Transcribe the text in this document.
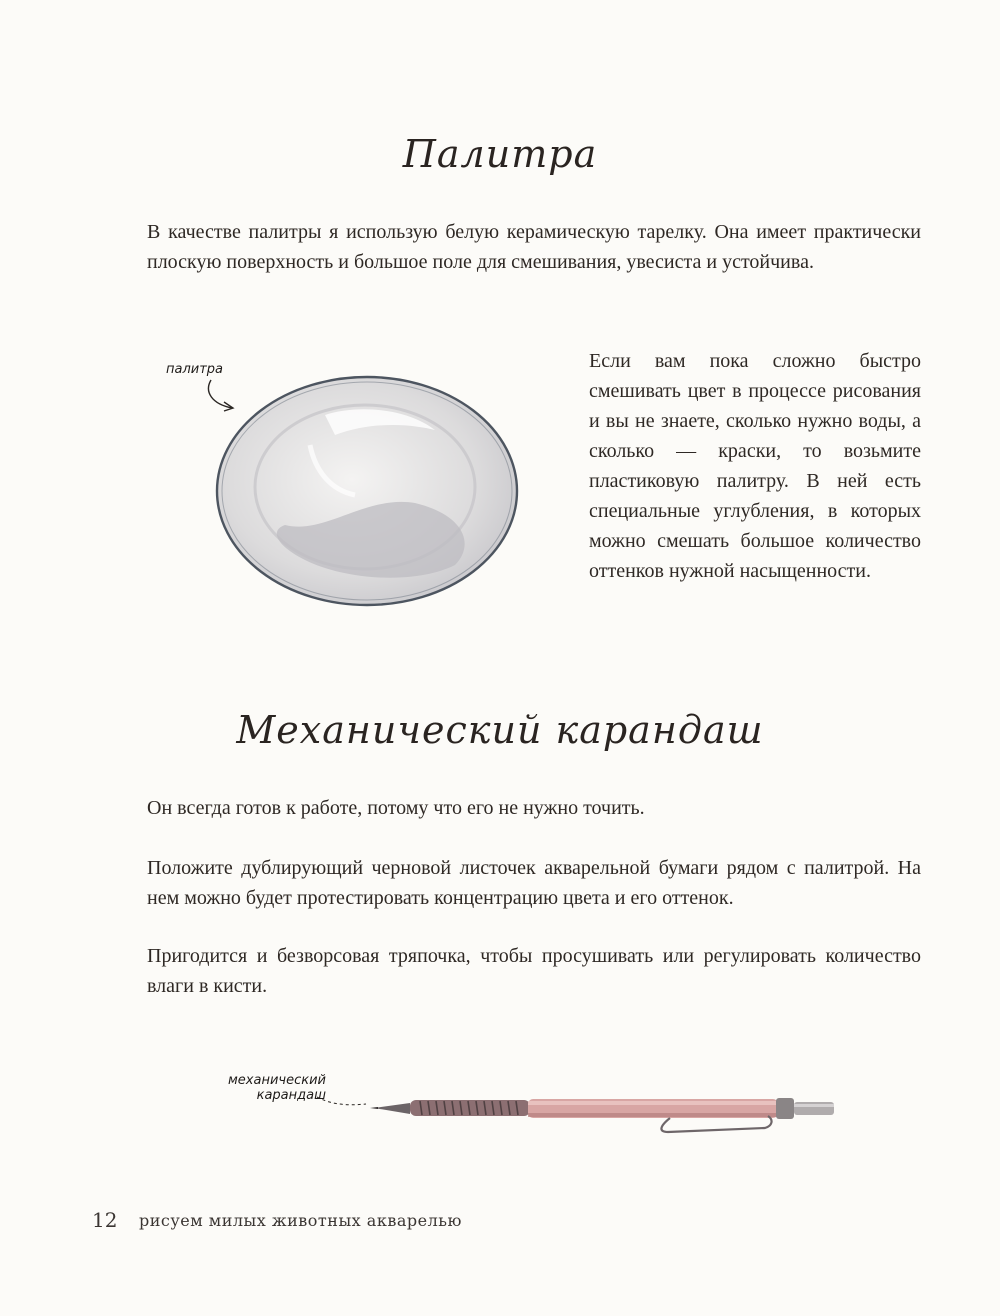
Палитра

В качестве палитры я использую белую керамическую тарелку. Она имеет практически плоскую поверхность и большое поле для смешивания, увесиста и устойчива.

палитра	Если вам пока сложно быстро смешивать цвет в процессе рисования и вы не знаете, сколько нужно воды, а сколько — краски, то возьмите пластиковую палитру. В ней есть специальные углубления, в которых можно смешать большое количество оттенков нужной насыщенности.

Механический карандаш

Он всегда готов к работе, потому что его не нужно точить.

Положите дублирующий черновой листочек акварельной бумаги рядом с палитрой. На нем можно будет протестировать концентрацию цвета и его оттенок.

Пригодится и безворсовая тряпочка, чтобы просушивать или регулировать количество влаги в кисти.

механический
карандаш
12 рисуем милых животных акварелью
